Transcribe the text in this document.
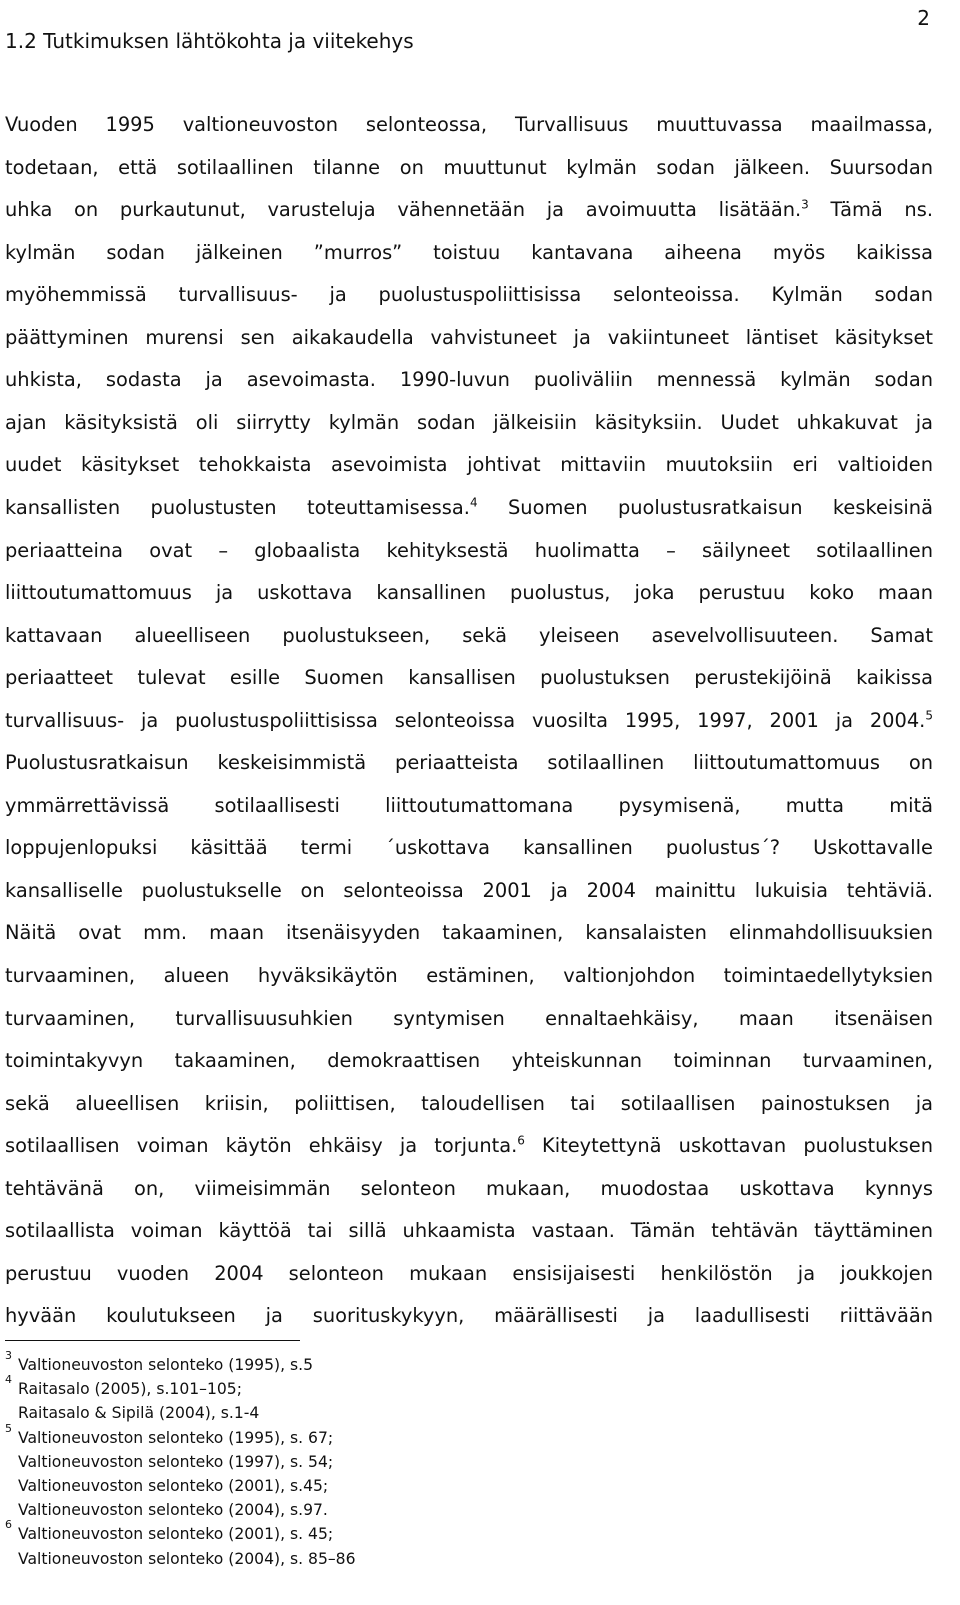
2
1.2 Tutkimuksen lähtökohta ja viitekehys
Vuoden 1995 valtioneuvoston selonteossa, Turvallisuus muuttuvassa maailmassa,
todetaan, että sotilaallinen tilanne on muuttunut kylmän sodan jälkeen. Suursodan
uhka on purkautunut, varusteluja vähennetään ja avoimuutta lisätään.$^3$ Tämä ns.
kylmän sodan jälkeinen ”murros” toistuu kantavana aiheena myös kaikissa
myöhemmissä turvallisuus- ja puolustuspoliittisissa selonteoissa. Kylmän sodan
päättyminen murensi sen aikakaudella vahvistuneet ja vakiintuneet läntiset käsitykset
uhkista, sodasta ja asevoimasta. 1990-luvun puoliväliin mennessä kylmän sodan
ajan käsityksistä oli siirrytty kylmän sodan jälkeisiin käsityksiin. Uudet uhkakuvat ja
uudet käsitykset tehokkaista asevoimista johtivat mittaviin muutoksiin eri valtioiden
kansallisten puolustusten toteuttamisessa.$^4$ Suomen puolustusratkaisun keskeisinä
periaatteina ovat – globaalista kehityksestä huolimatta – säilyneet sotilaallinen
liittoutumattomuus ja uskottava kansallinen puolustus, joka perustuu koko maan
kattavaan alueelliseen puolustukseen, sekä yleiseen asevelvollisuuteen. Samat
periaatteet tulevat esille Suomen kansallisen puolustuksen perustekijöinä kaikissa
turvallisuus- ja puolustuspoliittisissa selonteoissa vuosilta 1995, 1997, 2001 ja 2004.$^5$
Puolustusratkaisun keskeisimmistä periaatteista sotilaallinen liittoutumattomuus on
ymmärrettävissä sotilaallisesti liittoutumattomana pysymisenä, mutta mitä
loppujenlopuksi käsittää termi ´uskottava kansallinen puolustus´? Uskottavalle
kansalliselle puolustukselle on selonteoissa 2001 ja 2004 mainittu lukuisia tehtäviä.
Näitä ovat mm. maan itsenäisyyden takaaminen, kansalaisten elinmahdollisuuksien
turvaaminen, alueen hyväksikäytön estäminen, valtionjohdon toimintaedellytyksien
turvaaminen, turvallisuusuhkien syntymisen ennaltaehkäisy, maan itsenäisen
toimintakyvyn takaaminen, demokraattisen yhteiskunnan toiminnan turvaaminen,
sekä alueellisen kriisin, poliittisen, taloudellisen tai sotilaallisen painostuksen ja
sotilaallisen voiman käytön ehkäisy ja torjunta.$^6$ Kiteytettynä uskottavan puolustuksen
tehtävänä on, viimeisimmän selonteon mukaan, muodostaa uskottava kynnys
sotilaallista voiman käyttöä tai sillä uhkaamista vastaan. Tämän tehtävän täyttäminen
perustuu vuoden 2004 selonteon mukaan ensisijaisesti henkilöstön ja joukkojen
hyvään koulutukseen ja suorituskykyyn, määrällisesti ja laadullisesti riittävään
3
Valtioneuvoston selonteko (1995), s.5
4
Raitasalo (2005), s.101–105;
Raitasalo & Sipilä (2004), s.1-4
5
Valtioneuvoston selonteko (1995), s. 67;
Valtioneuvoston selonteko (1997), s. 54;
Valtioneuvoston selonteko (2001), s.45;
Valtioneuvoston selonteko (2004), s.97.
6
Valtioneuvoston selonteko (2001), s. 45;
Valtioneuvoston selonteko (2004), s. 85–86
